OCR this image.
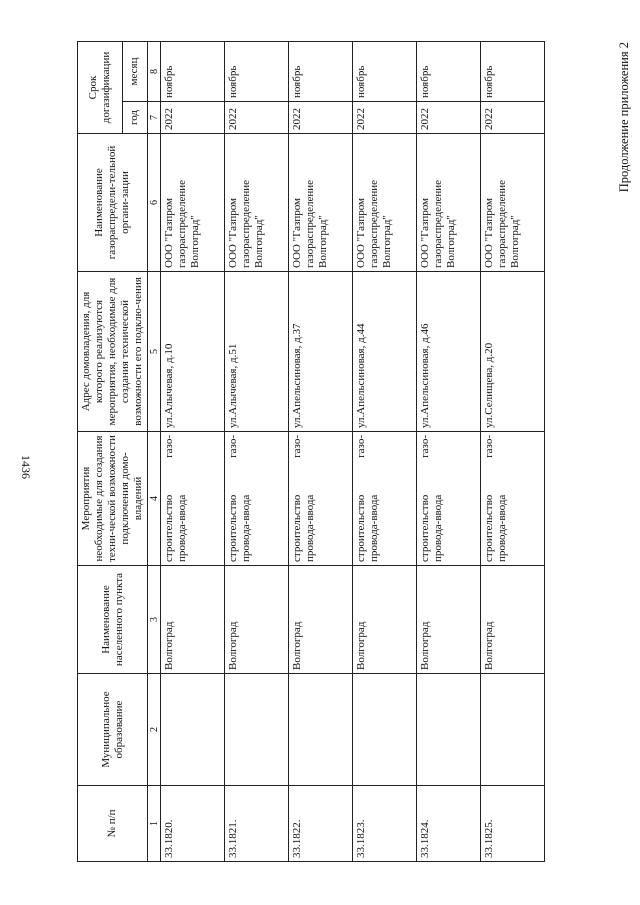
1436
№ п/п	Муниципальное образование	Наименование населенного пункта	Мероприятия необходимые для создания техни-ческой возможности подключения домо-владений	Адрес домовладения, для которого реализуются мероприятия, необходимые для создания технической возможности его подклю-чения	Наименование газораспредели-тельной органи-зации	Срок догазификации	
						год	месяц
1	2	3	4	5	6	7	8
33.1820.		Волгоград	строительство газо-провода-ввода	ул.Алычевая, д.10	ООО "Газпром газораспределение Волгоград"	2022	ноябрь
33.1821.		Волгоград	строительство газо-провода-ввода	ул.Алычевая, д.51	ООО "Газпром газораспределение Волгоград"	2022	ноябрь
33.1822.		Волгоград	строительство газо-провода-ввода	ул.Апельсиновая, д.37	ООО "Газпром газораспределение Волгоград"	2022	ноябрь
33.1823.		Волгоград	строительство газо-провода-ввода	ул.Апельсиновая, д.44	ООО "Газпром газораспределение Волгоград"	2022	ноябрь
33.1824.		Волгоград	строительство газо-провода-ввода	ул.Апельсиновая, д.46	ООО "Газпром газораспределение Волгоград"	2022	ноябрь
33.1825.		Волгоград	строительство газо-провода-ввода	ул.Селищева, д.20	ООО "Газпром газораспределение Волгоград"	2022	ноябрь	Продолжение приложения 2
